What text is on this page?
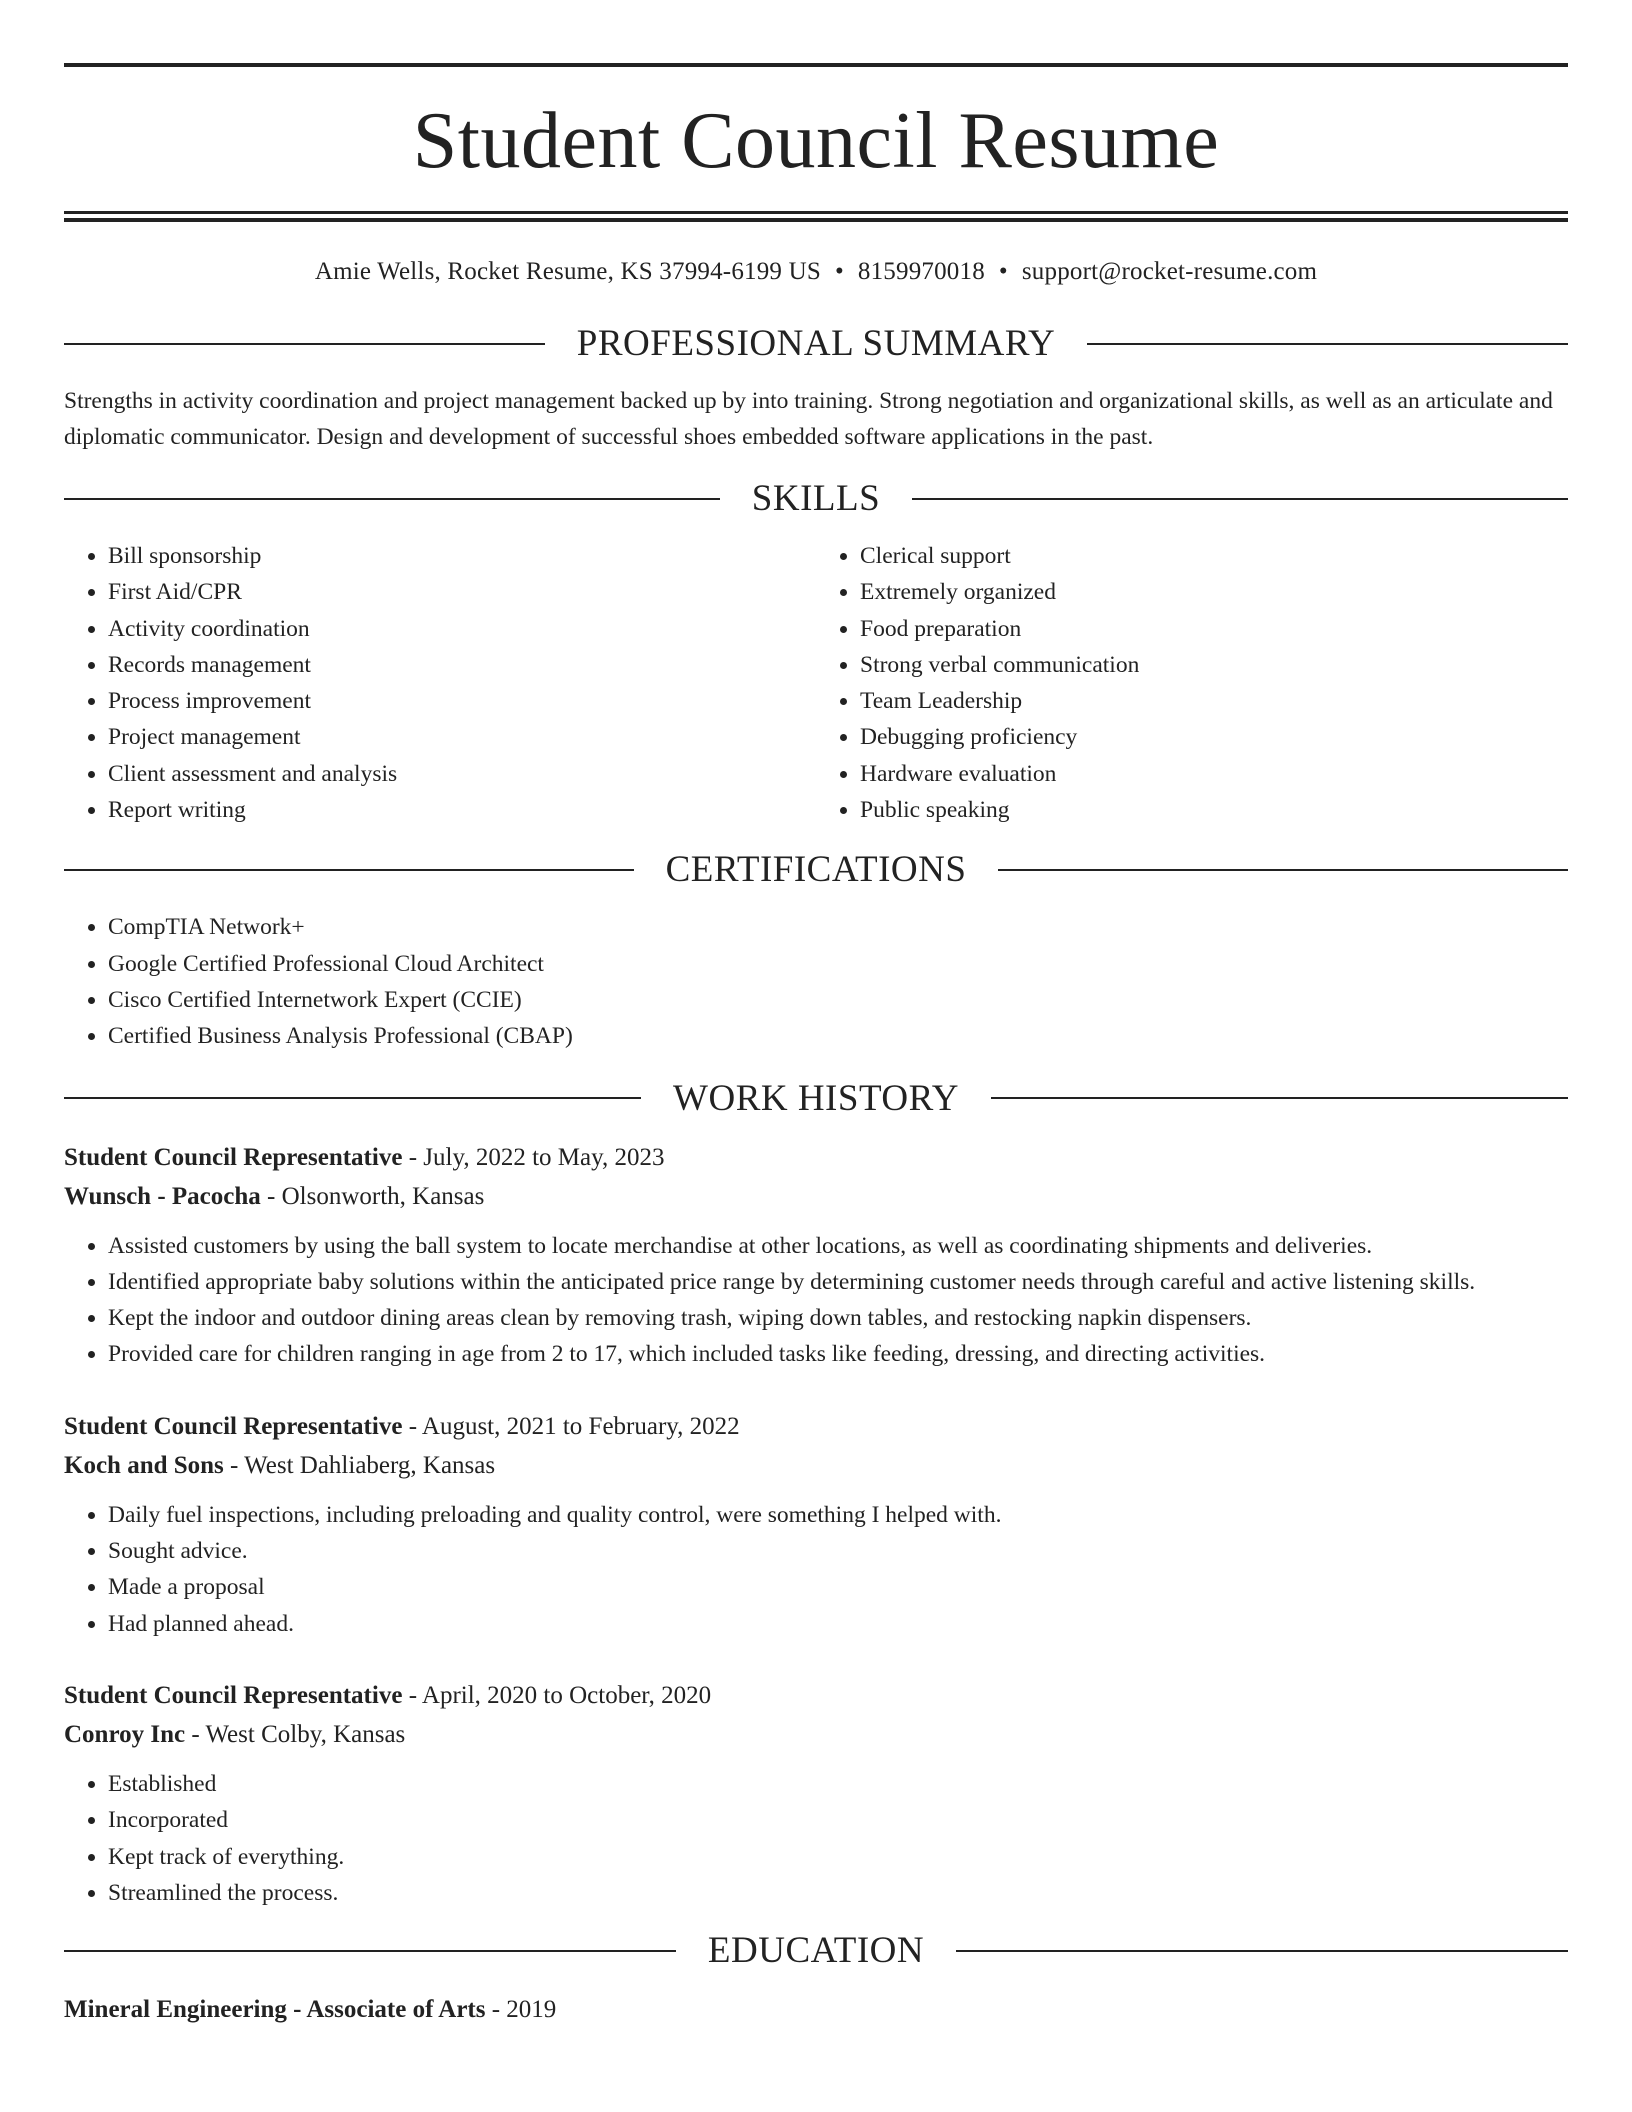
Student Council Resume
Amie Wells, Rocket Resume, KS 37994-6199 US • 8159970018 • support@rocket-resume.com
PROFESSIONAL SUMMARY

Strengths in activity coordination and project management backed up by into training. Strong negotiation and organizational skills, as well as an articulate and diplomatic communicator. Design and development of successful shoes embedded software applications in the past.

SKILLS
• Bill sponsorship
• First Aid/CPR
• Activity coordination
• Records management
• Process improvement
• Project management
• Client assessment and analysis
• Report writing
• Clerical support
• Extremely organized
• Food preparation
• Strong verbal communication
• Team Leadership
• Debugging proficiency
• Hardware evaluation
• Public speaking
CERTIFICATIONS
• CompTIA Network+
• Google Certified Professional Cloud Architect
• Cisco Certified Internetwork Expert (CCIE)
• Certified Business Analysis Professional (CBAP)
WORK HISTORY
Student Council Representative - July, 2022 to May, 2023
Wunsch - Pacocha - Olsonworth, Kansas
• Assisted customers by using the ball system to locate merchandise at other locations, as well as coordinating shipments and deliveries.
• Identified appropriate baby solutions within the anticipated price range by determining customer needs through careful and active listening skills.
• Kept the indoor and outdoor dining areas clean by removing trash, wiping down tables, and restocking napkin dispensers.
• Provided care for children ranging in age from 2 to 17, which included tasks like feeding, dressing, and directing activities.
Student Council Representative - August, 2021 to February, 2022
Koch and Sons - West Dahliaberg, Kansas
• Daily fuel inspections, including preloading and quality control, were something I helped with.
• Sought advice.
• Made a proposal
• Had planned ahead.
Student Council Representative - April, 2020 to October, 2020
Conroy Inc - West Colby, Kansas
• Established
• Incorporated
• Kept track of everything.
• Streamlined the process.
EDUCATION
Mineral Engineering - Associate of Arts - 2019
